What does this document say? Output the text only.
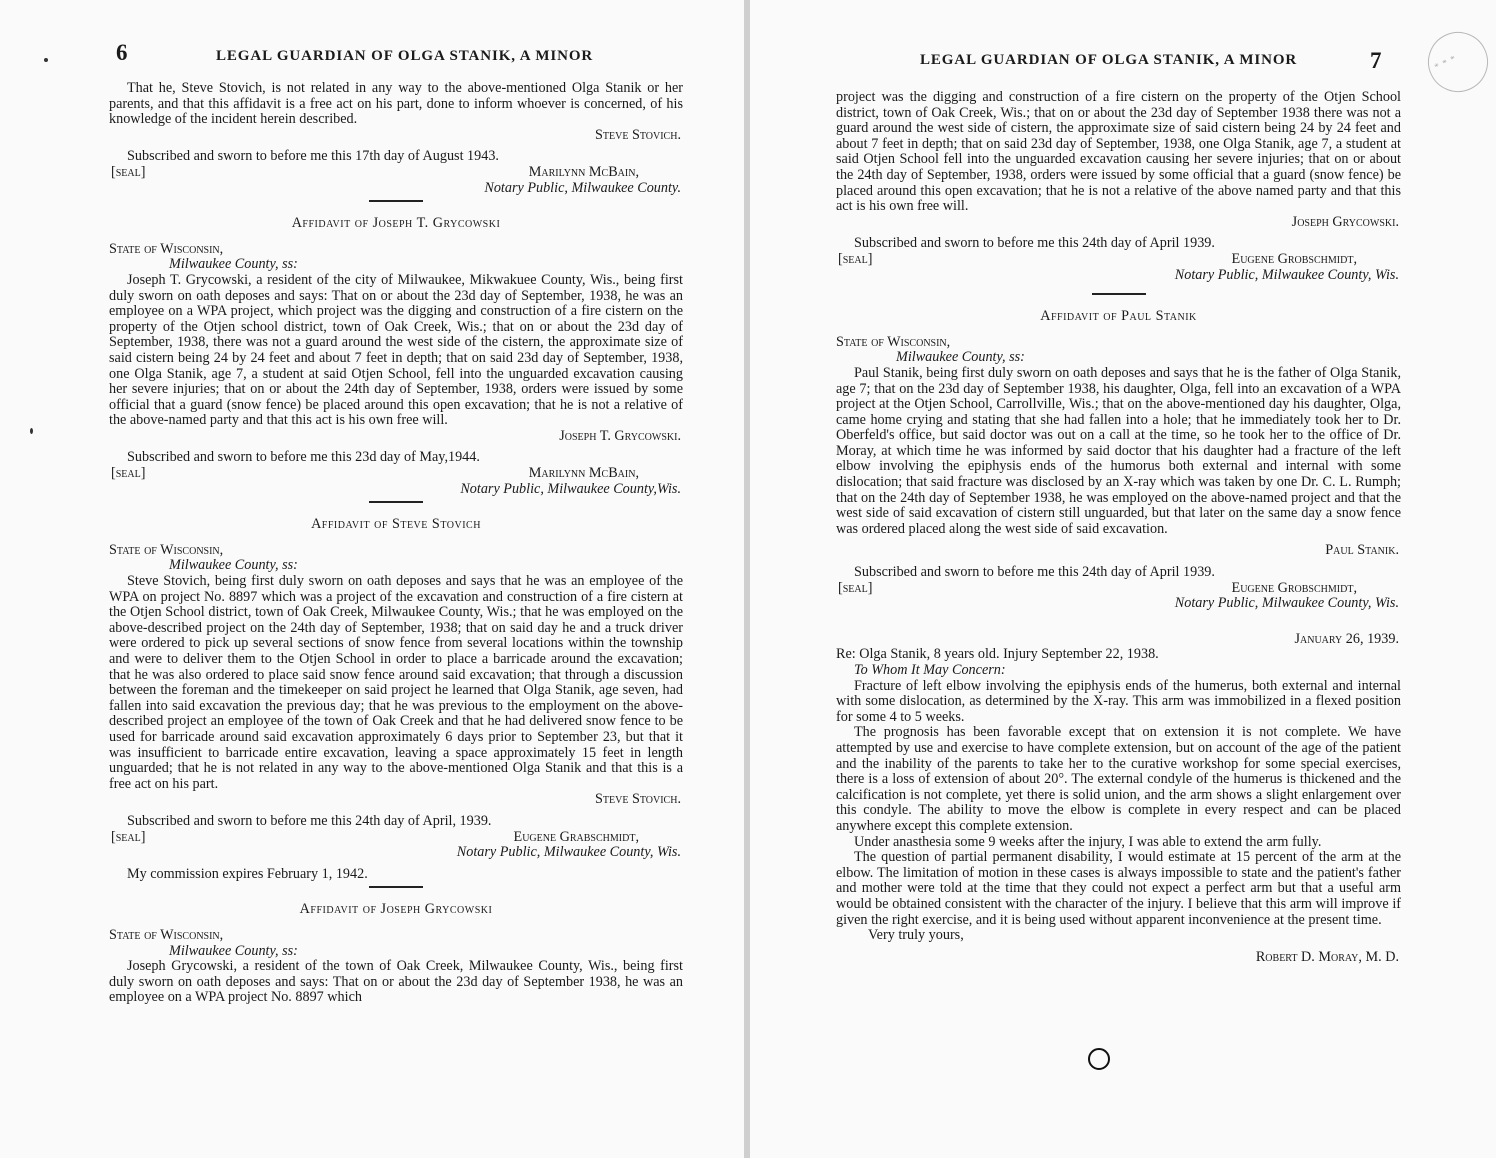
6	LEGAL GUARDIAN OF OLGA STANIK, A MINOR

That he, Steve Stovich, is not related in any way to the above-mentioned Olga Stanik or her parents, and that this affidavit is a free act on his part, done to inform whoever is concerned, of his knowledge of the incident herein described.

Steve Stovich.

Subscribed and sworn to before me this 17th day of August 1943.

[seal]	Marilynn McBain,
Notary Public, Milwaukee County.
Affidavit of Joseph T. Grycowski
State of Wisconsin,
Milwaukee County, ss:

Joseph T. Grycowski, a resident of the city of Milwaukee, Mikwakuee County, Wis., being first duly sworn on oath deposes and says: That on or about the 23d day of September, 1938, he was an employee on a WPA project, which project was the digging and construction of a fire cistern on the property of the Otjen school district, town of Oak Creek, Wis.; that on or about the 23d day of September, 1938, there was not a guard around the west side of the cistern, the approximate size of said cistern being 24 by 24 feet and about 7 feet in depth; that on said 23d day of September, 1938, one Olga Stanik, age 7, a student at said Otjen School, fell into the unguarded excavation causing her severe injuries; that on or about the 24th day of September, 1938, orders were issued by some official that a guard (snow fence) be placed around this open excavation; that he is not a relative of the above-named party and that this act is his own free will.

Joseph T. Grycowski.

Subscribed and sworn to before me this 23d day of May,1944.

[seal]	Marilynn McBain,
Notary Public, Milwaukee County,Wis.
Affidavit of Steve Stovich
State of Wisconsin,
Milwaukee County, ss:

Steve Stovich, being first duly sworn on oath deposes and says that he was an employee of the WPA on project No. 8897 which was a project of the excavation and construction of a fire cistern at the Otjen School district, town of Oak Creek, Milwaukee County, Wis.; that he was employed on the above-described project on the 24th day of September, 1938; that on said day he and a truck driver were ordered to pick up several sections of snow fence from several locations within the township and were to deliver them to the Otjen School in order to place a barricade around the excavation; that he was also ordered to place said snow fence around said excavation; that through a discussion between the foreman and the timekeeper on said project he learned that Olga Stanik, age seven, had fallen into said excavation the previous day; that he was previous to the employment on the above-described project an employee of the town of Oak Creek and that he had delivered snow fence to be used for barricade around said excavation approximately 6 days prior to September 23, but that it was insufficient to barricade entire excavation, leaving a space approximately 15 feet in length unguarded; that he is not related in any way to the above-mentioned Olga Stanik and that this is a free act on his part.

Steve Stovich.

Subscribed and sworn to before me this 24th day of April, 1939.

[seal]	Eugene Grabschmidt,
Notary Public, Milwaukee County, Wis.

My commission expires February 1, 1942.

Affidavit of Joseph Grycowski
State of Wisconsin,
Milwaukee County, ss:

Joseph Grycowski, a resident of the town of Oak Creek, Milwaukee County, Wis., being first duly sworn on oath deposes and says: That on or about the 23d day of September 1938, he was an employee on a WPA project No. 8897 which

LEGAL GUARDIAN OF OLGA STANIK, A MINOR	7	* * *

project was the digging and construction of a fire cistern on the property of the Otjen School district, town of Oak Creek, Wis.; that on or about the 23d day of September 1938 there was not a guard around the west side of cistern, the approximate size of said cistern being 24 by 24 feet and about 7 feet in depth; that on said 23d day of September, 1938, one Olga Stanik, age 7, a student at said Otjen School fell into the unguarded excavation causing her severe injuries; that on or about the 24th day of September, 1938, orders were issued by some official that a guard (snow fence) be placed around this open excavation; that he is not a relative of the above named party and that this act is his own free will.

Joseph Grycowski.

Subscribed and sworn to before me this 24th day of April 1939.

[seal]	Eugene Grobschmidt,
Notary Public, Milwaukee County, Wis.
Affidavit of Paul Stanik
State of Wisconsin,
Milwaukee County, ss:

Paul Stanik, being first duly sworn on oath deposes and says that he is the father of Olga Stanik, age 7; that on the 23d day of September 1938, his daughter, Olga, fell into an excavation of a WPA project at the Otjen School, Carrollville, Wis.; that on the above-mentioned day his daughter, Olga, came home crying and stating that she had fallen into a hole; that he immediately took her to Dr. Oberfeld's office, but said doctor was out on a call at the time, so he took her to the office of Dr. Moray, at which time he was informed by said doctor that his daughter had a fracture of the left elbow involving the epiphysis ends of the humorus both external and internal with some dislocation; that said fracture was disclosed by an X-ray which was taken by one Dr. C. L. Rumph; that on the 24th day of September 1938, he was employed on the above-named project and that the west side of said excavation of cistern still unguarded, but that later on the same day a snow fence was ordered placed along the west side of said excavation.

Paul Stanik.

Subscribed and sworn to before me this 24th day of April 1939.

[seal]	Eugene Grobschmidt,
Notary Public, Milwaukee County, Wis.
January 26, 1939.

Re: Olga Stanik, 8 years old. Injury September 22, 1938.

To Whom It May Concern:

Fracture of left elbow involving the epiphysis ends of the humerus, both external and internal with some dislocation, as determined by the X-ray. This arm was immobilized in a flexed position for some 4 to 5 weeks.

The prognosis has been favorable except that on extension it is not complete. We have attempted by use and exercise to have complete extension, but on account of the age of the patient and the inability of the parents to take her to the curative workshop for some special exercises, there is a loss of extension of about 20°. The external condyle of the humerus is thickened and the calcification is not complete, yet there is solid union, and the arm shows a slight enlargement over this condyle. The ability to move the elbow is complete in every respect and can be placed anywhere except this complete extension.

Under anasthesia some 9 weeks after the injury, I was able to extend the arm fully.

The question of partial permanent disability, I would estimate at 15 percent of the arm at the elbow. The limitation of motion in these cases is always impossible to state and the patient's father and mother were told at the time that they could not expect a perfect arm but that a useful arm would be obtained consistent with the character of the injury. I believe that this arm will improve if given the right exercise, and it is being used without apparent inconvenience at the present time.

Very truly yours,

Robert D. Moray, M. D.
